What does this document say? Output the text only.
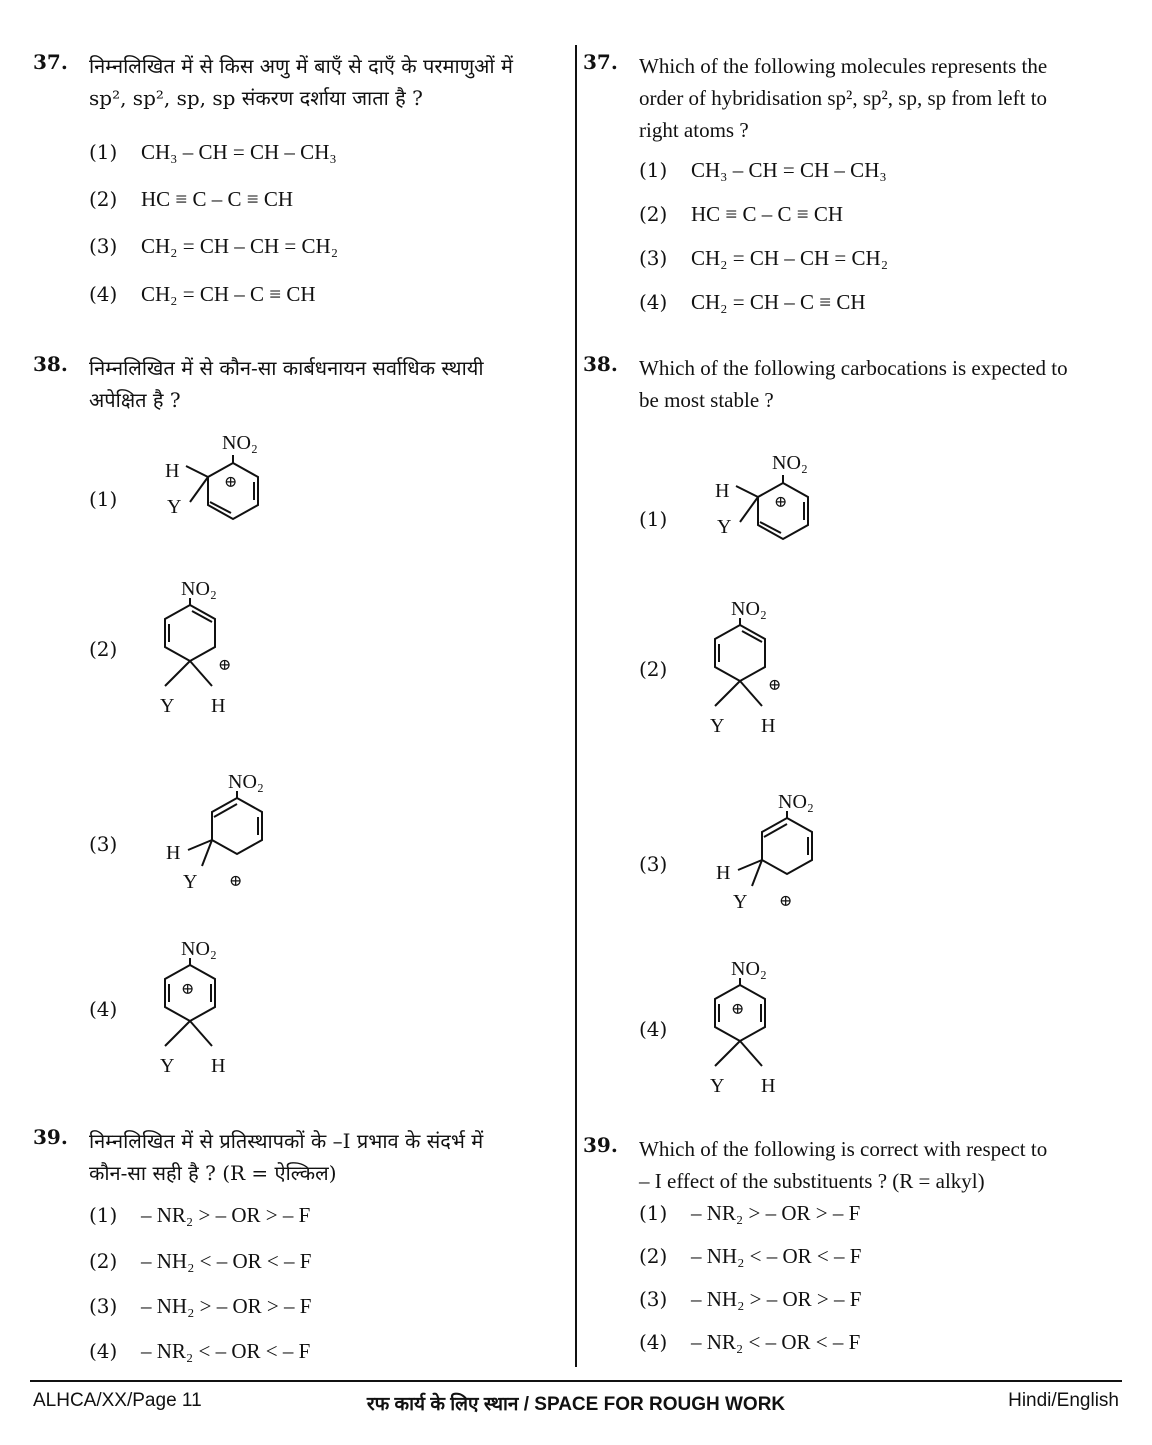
37. निम्नलिखित में से किस अणु में बाएँ से दाएँ के परमाणुओं में
sp², sp², sp, sp संकरण दर्शाया जाता है ?
(1) CH₃ – CH = CH – CH₃
(2) HC ≡ C – C ≡ CH
(3) CH₂ = CH – CH = CH₂
(4) CH₂ = CH – C ≡ CH
38. निम्नलिखित में से कौन-सा कार्बधनायन सर्वाधिक स्थायी
अपेक्षित है ?
(1)
(2)
(3)
(4)
39. निम्नलिखित में से प्रतिस्थापकों के –I प्रभाव के संदर्भ में
कौन-सा सही है ? (R = ऐल्किल)
(1) – NR₂ > – OR > – F
(2) – NH₂ < – OR < – F
(3) – NH₂ > – OR > – F
(4) – NR₂ < – OR < – F
37. Which of the following molecules represents the
order of hybridisation sp², sp², sp, sp from left to
right atoms ?
(1) CH₃ – CH = CH – CH₃
(2) HC ≡ C – C ≡ CH
(3) CH₂ = CH – CH = CH₂
(4) CH₂ = CH – C ≡ CH
38. Which of the following carbocations is expected to
be most stable ?
(1)
(2)
(3)
(4)
39. Which of the following is correct with respect to
– I effect of the substituents ? (R = alkyl)
(1) – NR₂ > – OR > – F
(2) – NH₂ < – OR < – F
(3) – NH₂ > – OR > – F
(4) – NR₂ < – OR < – F
NO₂
H
Y
⊕
NO₂
⊕
Y H
NO₂
H
Y ⊕
NO₂
⊕
Y H
NO₂
H
Y
⊕
NO₂
⊕
Y H
NO₂
H
Y ⊕
NO₂
⊕
Y H
ALHCA/XX/Page 11	रफ कार्य के लिए स्थान / SPACE FOR ROUGH WORK	Hindi/English
